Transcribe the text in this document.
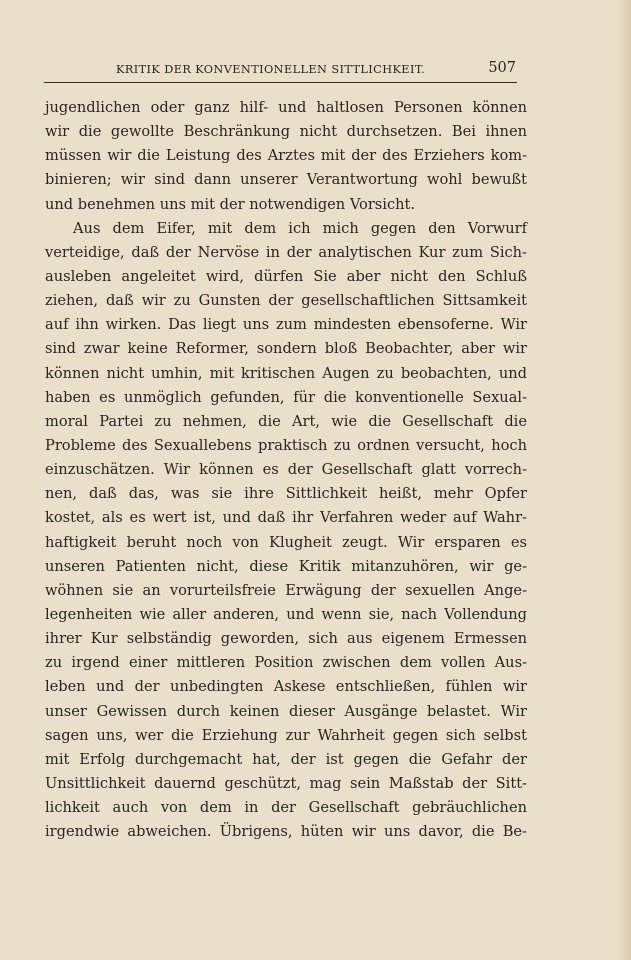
KRITIK DER KONVENTIONELLEN SITTLICHKEIT.	507
jugendlichen oder ganz hilf- und haltlosen Personen können
wir die gewollte Beschränkung nicht durchsetzen. Bei ihnen
müssen wir die Leistung des Arztes mit der des Erziehers kom-
binieren; wir sind dann unserer Verantwortung wohl bewußt
und benehmen uns mit der notwendigen Vorsicht.
Aus dem Eifer, mit dem ich mich gegen den Vorwurf
verteidige, daß der Nervöse in der analytischen Kur zum Sich-
ausleben angeleitet wird, dürfen Sie aber nicht den Schluß
ziehen, daß wir zu Gunsten der gesellschaftlichen Sittsamkeit
auf ihn wirken. Das liegt uns zum mindesten ebensoferne. Wir
sind zwar keine Reformer, sondern bloß Beobachter, aber wir
können nicht umhin, mit kritischen Augen zu beobachten, und
haben es unmöglich gefunden, für die konventionelle Sexual-
moral Partei zu nehmen, die Art, wie die Gesellschaft die
Probleme des Sexuallebens praktisch zu ordnen versucht, hoch
einzuschätzen. Wir können es der Gesellschaft glatt vorrech-
nen, daß das, was sie ihre Sittlichkeit heißt, mehr Opfer
kostet, als es wert ist, und daß ihr Verfahren weder auf Wahr-
haftigkeit beruht noch von Klugheit zeugt. Wir ersparen es
unseren Patienten nicht, diese Kritik mitanzuhören, wir ge-
wöhnen sie an vorurteilsfreie Erwägung der sexuellen Ange-
legenheiten wie aller anderen, und wenn sie, nach Vollendung
ihrer Kur selbständig geworden, sich aus eigenem Ermessen
zu irgend einer mittleren Position zwischen dem vollen Aus-
leben und der unbedingten Askese entschließen, fühlen wir
unser Gewissen durch keinen dieser Ausgänge belastet. Wir
sagen uns, wer die Erziehung zur Wahrheit gegen sich selbst
mit Erfolg durchgemacht hat, der ist gegen die Gefahr der
Unsittlichkeit dauernd geschützt, mag sein Maßstab der Sitt-
lichkeit auch von dem in der Gesellschaft gebräuchlichen
irgendwie abweichen. Übrigens, hüten wir uns davor, die Be-
